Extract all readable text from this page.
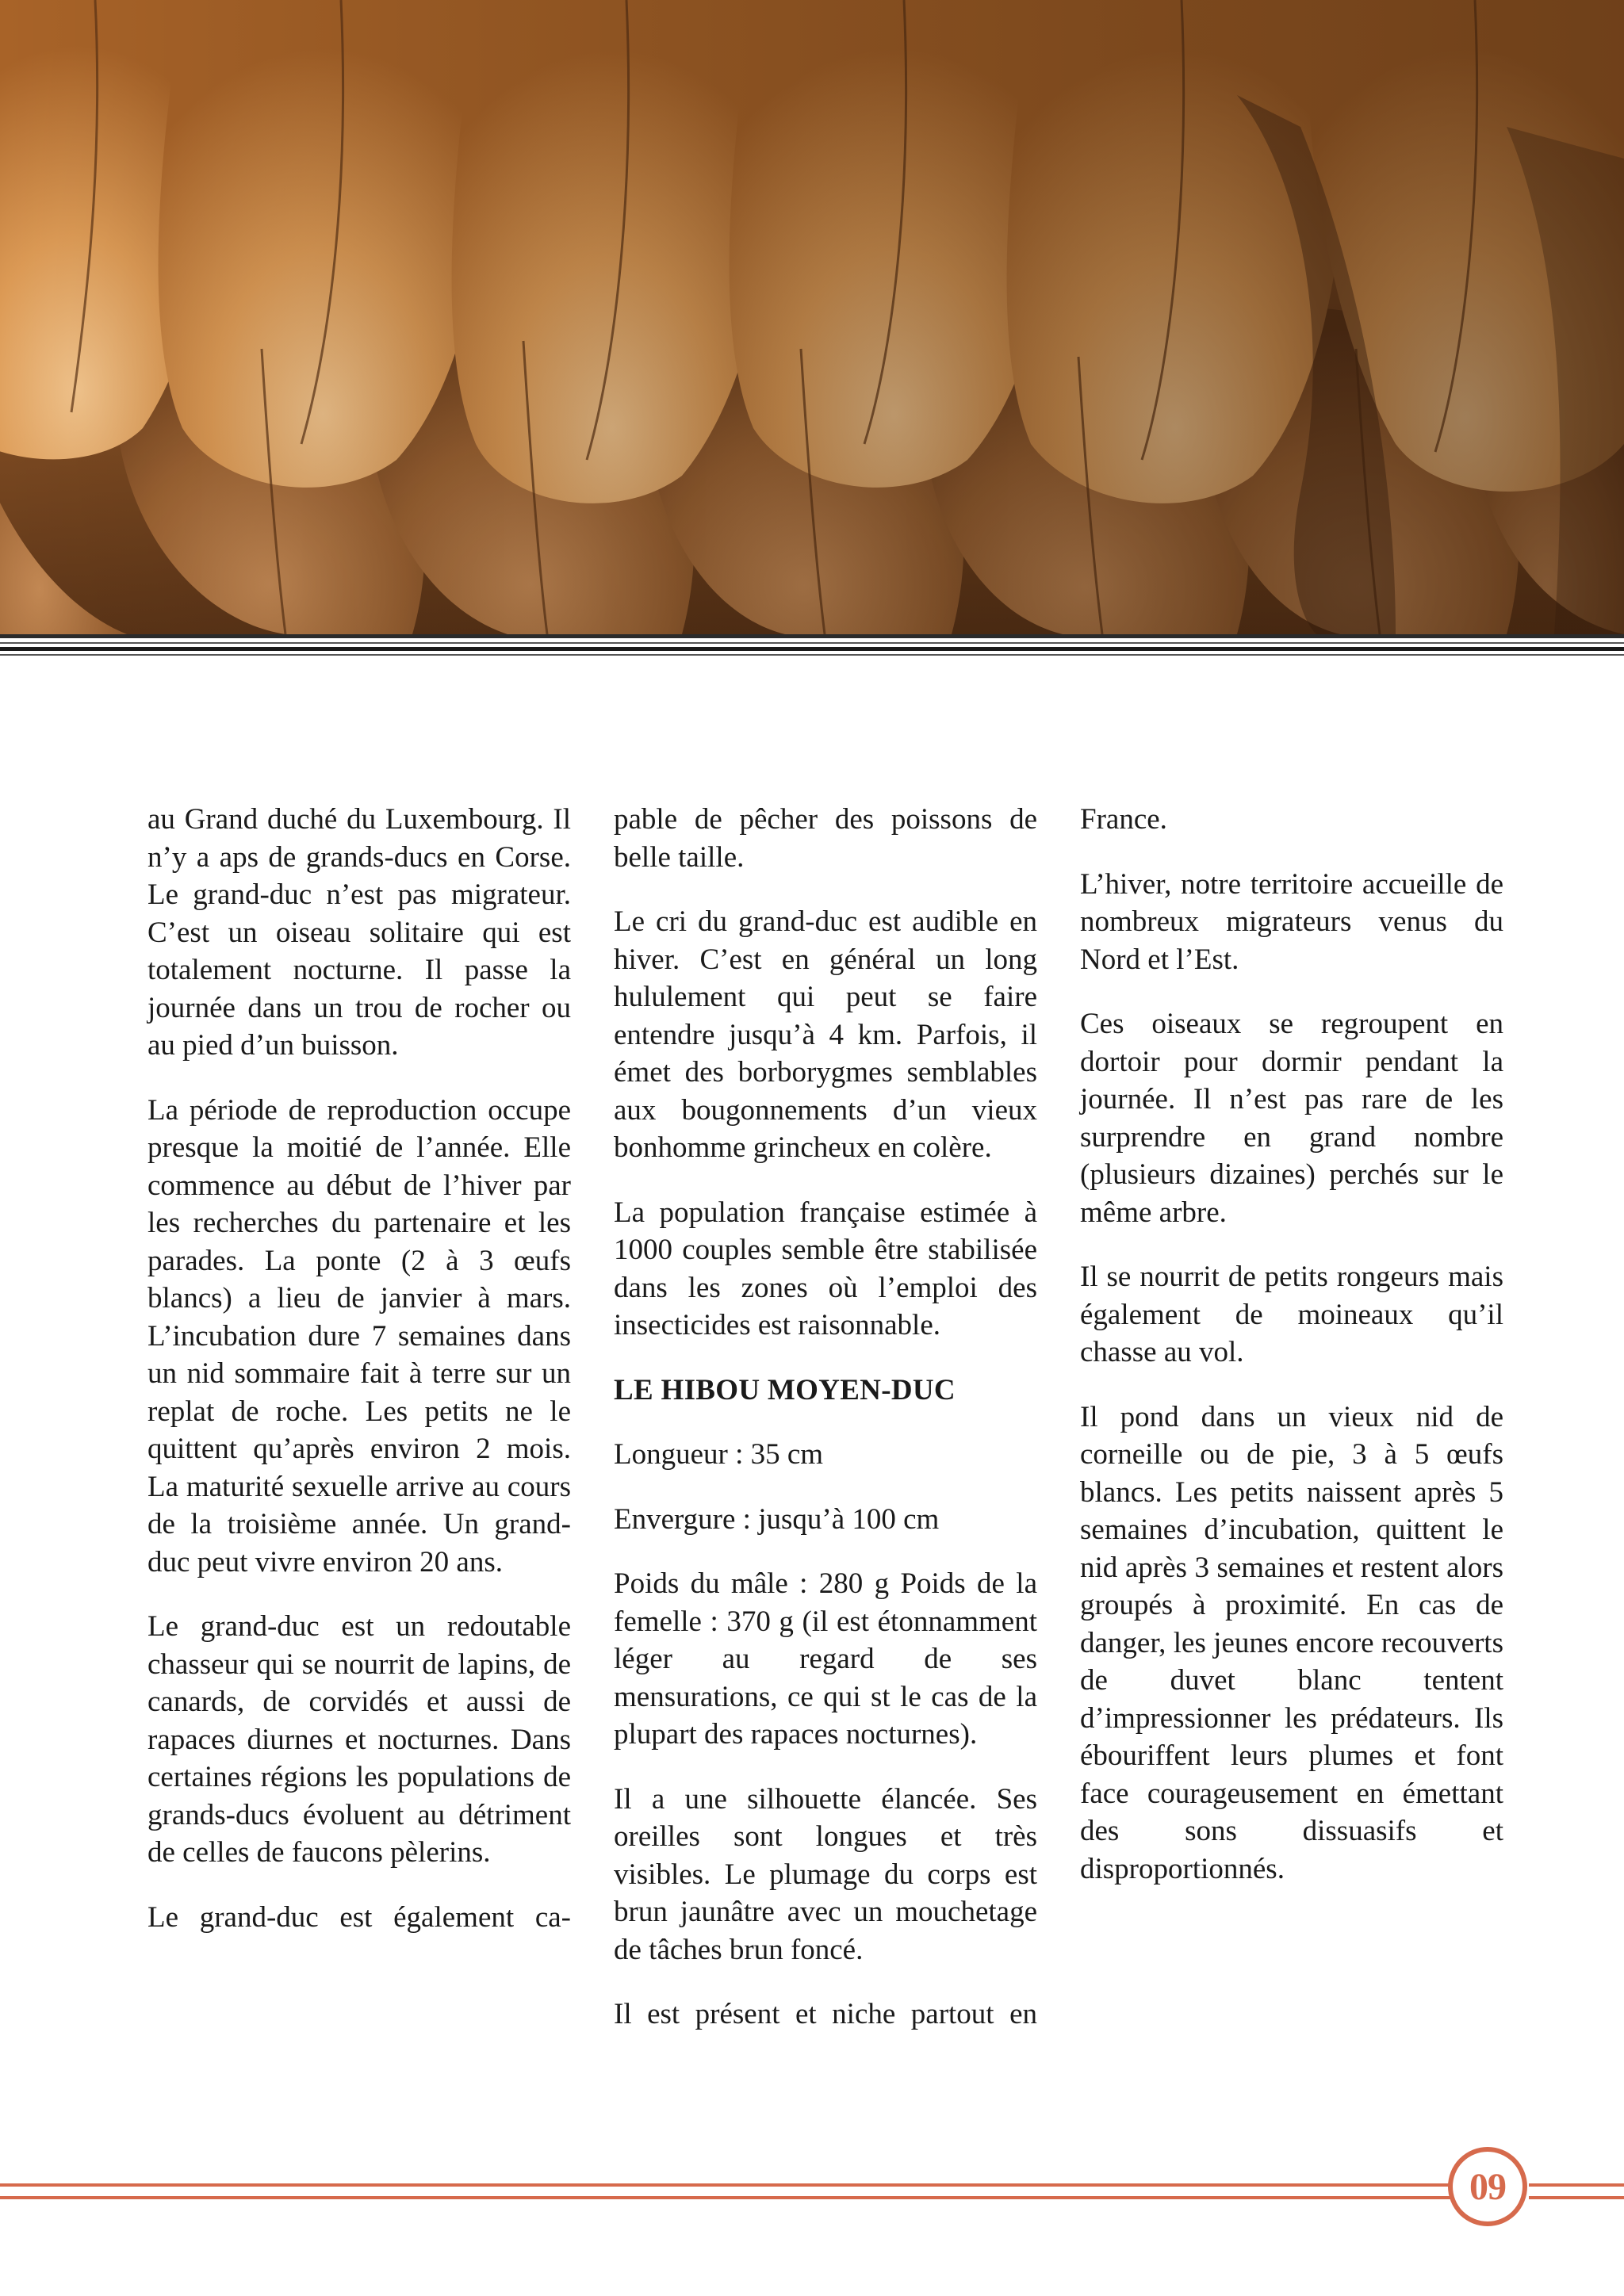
au Grand duché du Luxembourg. Il n’y a aps de grands-ducs en Corse. Le grand-duc n’est pas migrateur. C’est un oiseau solitaire qui est totalement nocturne. Il passe la journée dans un trou de rocher ou au pied d’un buisson.

La période de reproduction occupe presque la moitié de l’année. Elle commence au début de l’hiver par les recherches du partenaire et les parades. La ponte (2 à 3 œufs blancs) a lieu de janvier à mars. L’incubation dure 7 semaines dans un nid sommaire fait à terre sur un replat de roche. Les petits ne le quittent qu’après environ 2 mois. La maturité sexuelle arrive au cours de la troisième année. Un grand-duc peut vivre environ 20 ans.

Le grand-duc est un redoutable chasseur qui se nourrit de lapins, de canards, de corvidés et aussi de rapaces diurnes et nocturnes. Dans certaines régions les populations de grands-ducs évoluent au détriment de celles de faucons pèlerins.

Le grand-duc est également ca-

pable de pêcher des poissons de belle taille.

Le cri du grand-duc est audible en hiver. C’est en général un long hululement qui peut se faire entendre jusqu’à 4 km. Parfois, il émet des borborygmes semblables aux bougonnements d’un vieux bonhomme grincheux en colère.

La population française estimée à 1000 couples semble être stabilisée dans les zones où l’emploi des insecticides est raisonnable.

LE HIBOU MOYEN-DUC

Longueur : 35 cm

Envergure : jusqu’à 100 cm

Poids du mâle : 280 g Poids de la femelle : 370 g (il est étonnamment léger au regard de ses mensurations, ce qui st le cas de la plupart des rapaces nocturnes).

Il a une silhouette élancée. Ses oreilles sont longues et très visibles. Le plumage du corps est brun jaunâtre avec un mouchetage de tâches brun foncé.

Il est présent et niche partout en

France.

L’hiver, notre territoire accueille de nombreux migrateurs venus du Nord et l’Est.

Ces oiseaux se regroupent en dortoir pour dormir pendant la journée. Il n’est pas rare de les surprendre en grand nombre (plusieurs dizaines) perchés sur le même arbre.

Il se nourrit de petits rongeurs mais également de moineaux qu’il chasse au vol.

Il pond dans un vieux nid de corneille ou de pie, 3 à 5 œufs blancs. Les petits naissent après 5 semaines d’incubation, quittent le nid après 3 semaines et restent alors groupés à proximité. En cas de danger, les jeunes encore recouverts de duvet blanc tentent d’impressionner les prédateurs. Ils ébouriffent leurs plumes et font face courageusement en émettant des sons dissuasifs et disproportionnés.

09
